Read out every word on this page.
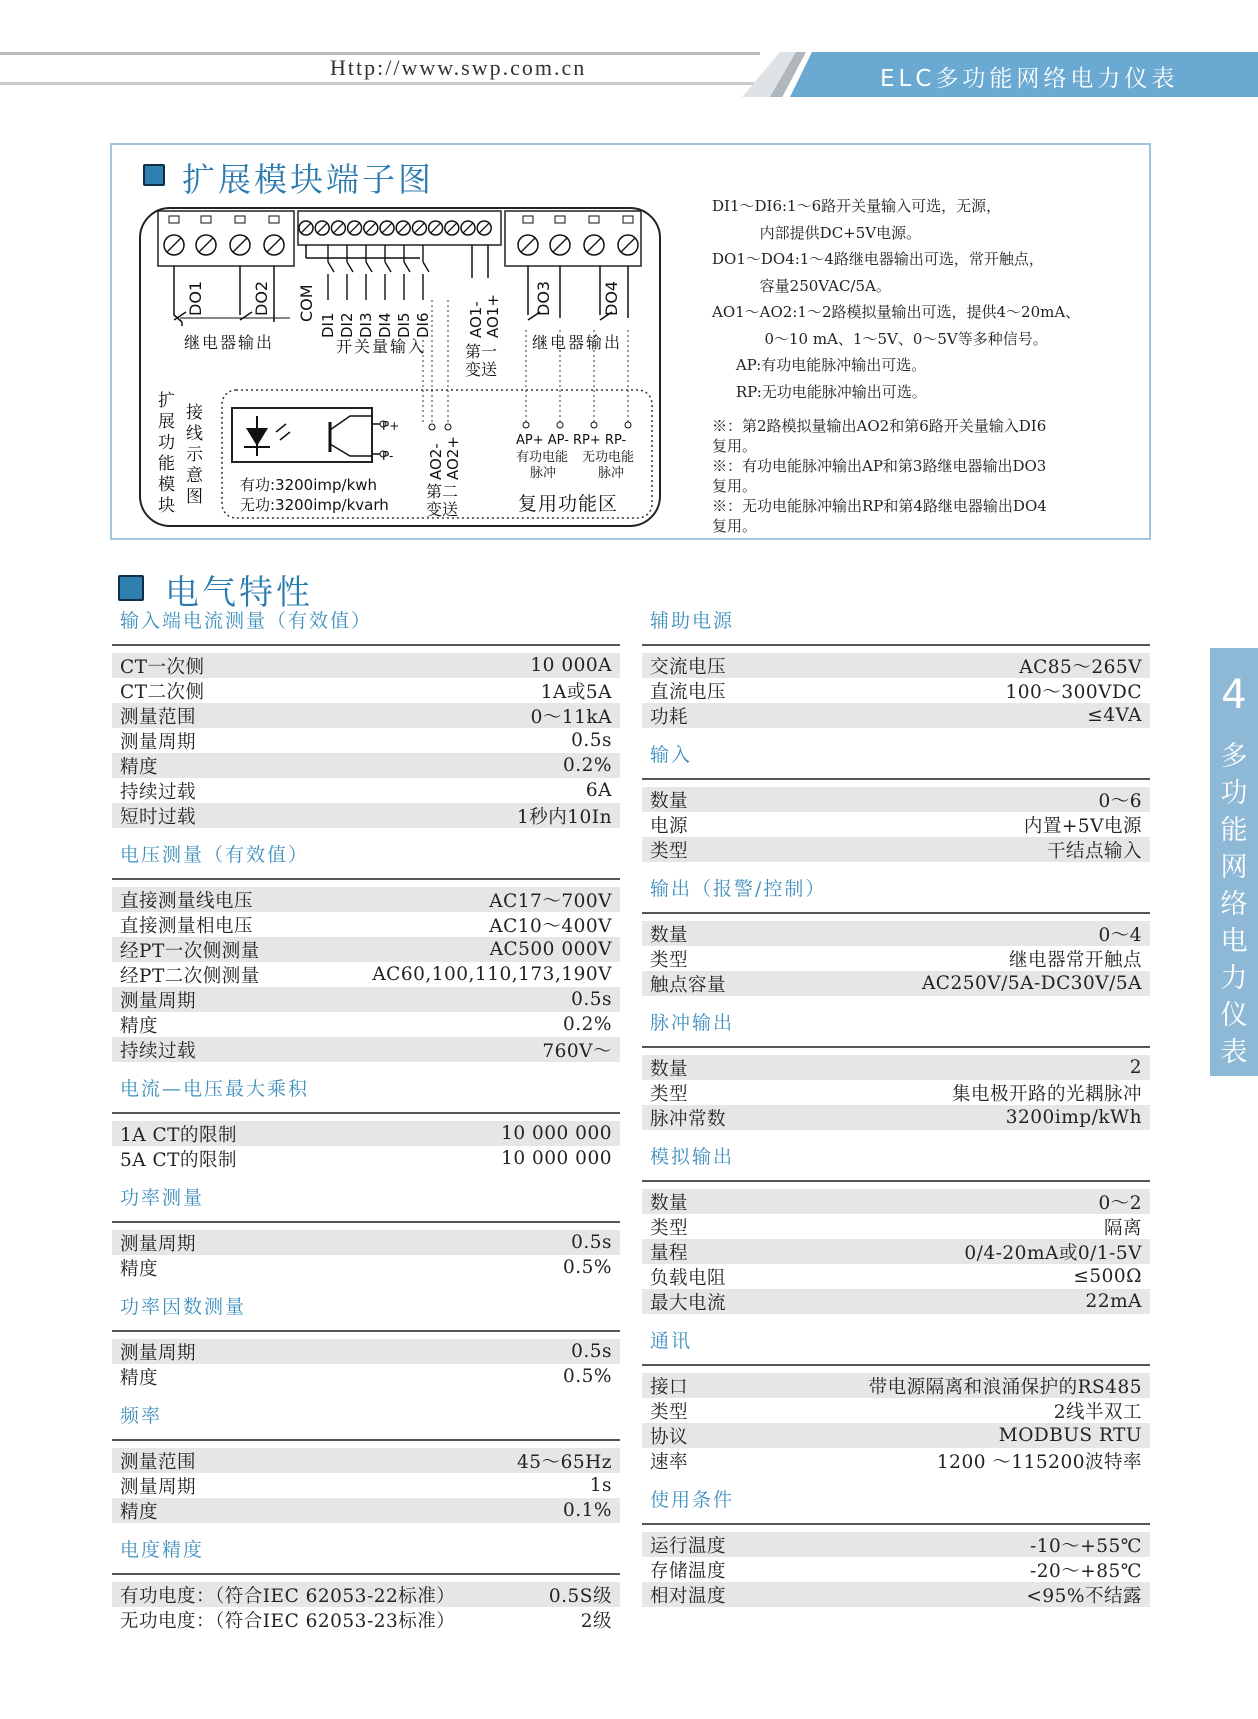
Http://www.swp.com.cn	ELC多功能网络电力仪表
扩展模块端子图
DO1	DO2 COM
DI1 DI2 DI3 DI4 DI5 DI6 AO1- AO1+ DO3	DO4
AO2- AO2+
继电器输出	开关量输入 第一
变送
继电器输出
扩
展
功
能
模
块
接
线
示
意
图
P+
P-
有功:3200imp/kwh
无功:3200imp/kvarh
第二
变送
AP+ AP- RP+ RP-
有功电能
脉冲
无功电能
脉冲
复用功能区
DI1～DI6:1～6路开关量输入可选，无源，
内部提供DC+5V电源。
DO1～DO4:1～4路继电器输出可选，常开触点，
容量250VAC/5A。
AO1～AO2:1～2路模拟量输出可选，提供4～20mA、
0～10 mA、1～5V、0～5V等多种信号。
AP:有功电能脉冲输出可选。
RP:无功电能脉冲输出可选。
※：第2路模拟量输出AO2和第6路开关量输入DI6
复用。
※：有功电能脉冲输出AP和第3路继电器输出DO3
复用。
※：无功电能脉冲输出RP和第4路继电器输出DO4
复用。
电气特性
输入端电流测量（有效值）
CT一次侧	10 000A
CT二次侧	1A或5A
测量范围	0～11kA
测量周期	0.5s
精度	0.2%
持续过载	6A
短时过载	1秒内10In
电压测量（有效值）
直接测量线电压	AC17～700V
直接测量相电压	AC10～400V
经PT一次侧测量	AC500 000V
经PT二次侧测量	AC60,100,110,173,190V
测量周期	0.5s
精度	0.2%
持续过载	760V～
电流—电压最大乘积
1A CT的限制	10 000 000
5A CT的限制	10 000 000
功率测量
测量周期	0.5s
精度	0.5%
功率因数测量
测量周期	0.5s
精度	0.5%
频率
测量范围	45～65Hz
测量周期	1s
精度	0.1%
电度精度
有功电度：（符合IEC 62053-22标准）	0.5S级
无功电度：（符合IEC 62053-23标准）	2级
辅助电源
交流电压	AC85～265V
直流电压	100～300VDC
功耗	≤4VA
输入
数量	0～6
电源	内置+5V电源
类型	干结点输入
输出（报警/控制）
数量	0～4
类型	继电器常开触点
触点容量	AC250V/5A-DC30V/5A
脉冲输出
数量	2
类型	集电极开路的光耦脉冲
脉冲常数	3200imp/kWh
模拟输出
数量	0～2
类型	隔离
量程	0/4-20mA或0/1-5V
负载电阻	≤500Ω
最大电流	22mA
通讯
接口	带电源隔离和浪涌保护的RS485
类型	2线半双工
协议	MODBUS RTU
速率	1200 ～115200波特率
使用条件
运行温度	-10～+55℃
存储温度	-20～+85℃
相对温度	<95%不结露
4
多
功
能
网
络
电
力
仪
表
